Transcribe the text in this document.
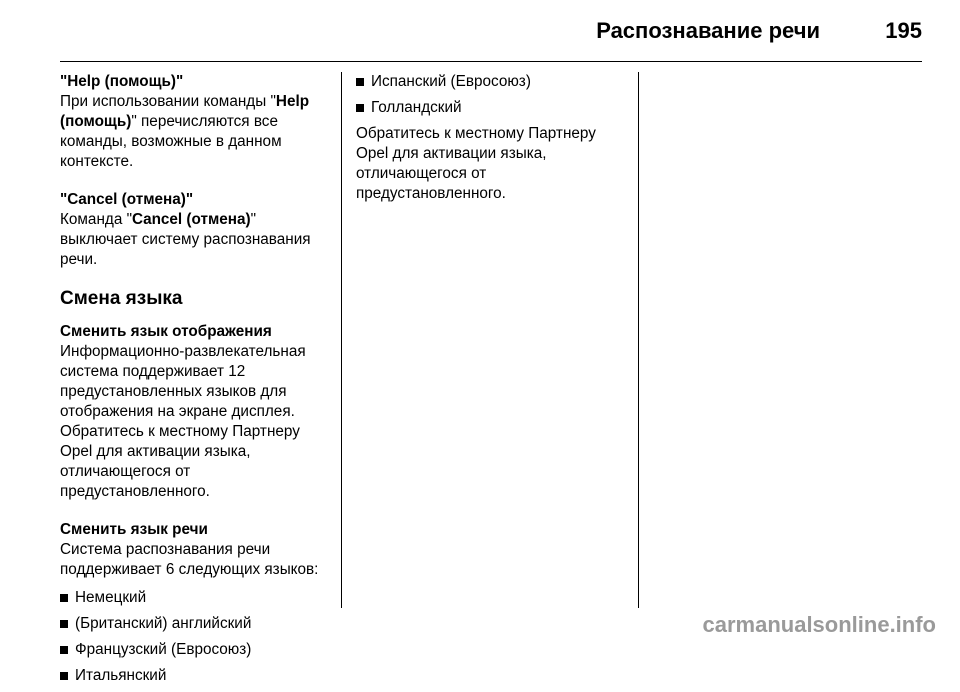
Распознавание речи	195
"Help (помощь)"
При использовании команды "Help (помощь)" перечисляются все команды, возможные в данном контексте.
"Cancel (отмена)"
Команда "Cancel (отмена)" выключает систему распознавания речи.
Смена языка
Сменить язык отображения
Информационно-развлекательная система поддерживает 12 предустановленных языков для отображения на экране дисплея. Обратитесь к местному Партнеру Opel для активации языка, отличающегося от предустановленного.
Сменить язык речи
Система распознавания речи поддерживает 6 следующих языков:
Немецкий
(Британский) английский
Французский (Евросоюз)
Итальянский
Испанский (Евросоюз)
Голландский
Обратитесь к местному Партнеру Opel для активации языка, отличающегося от предустановленного.
carmanualsonline.info
